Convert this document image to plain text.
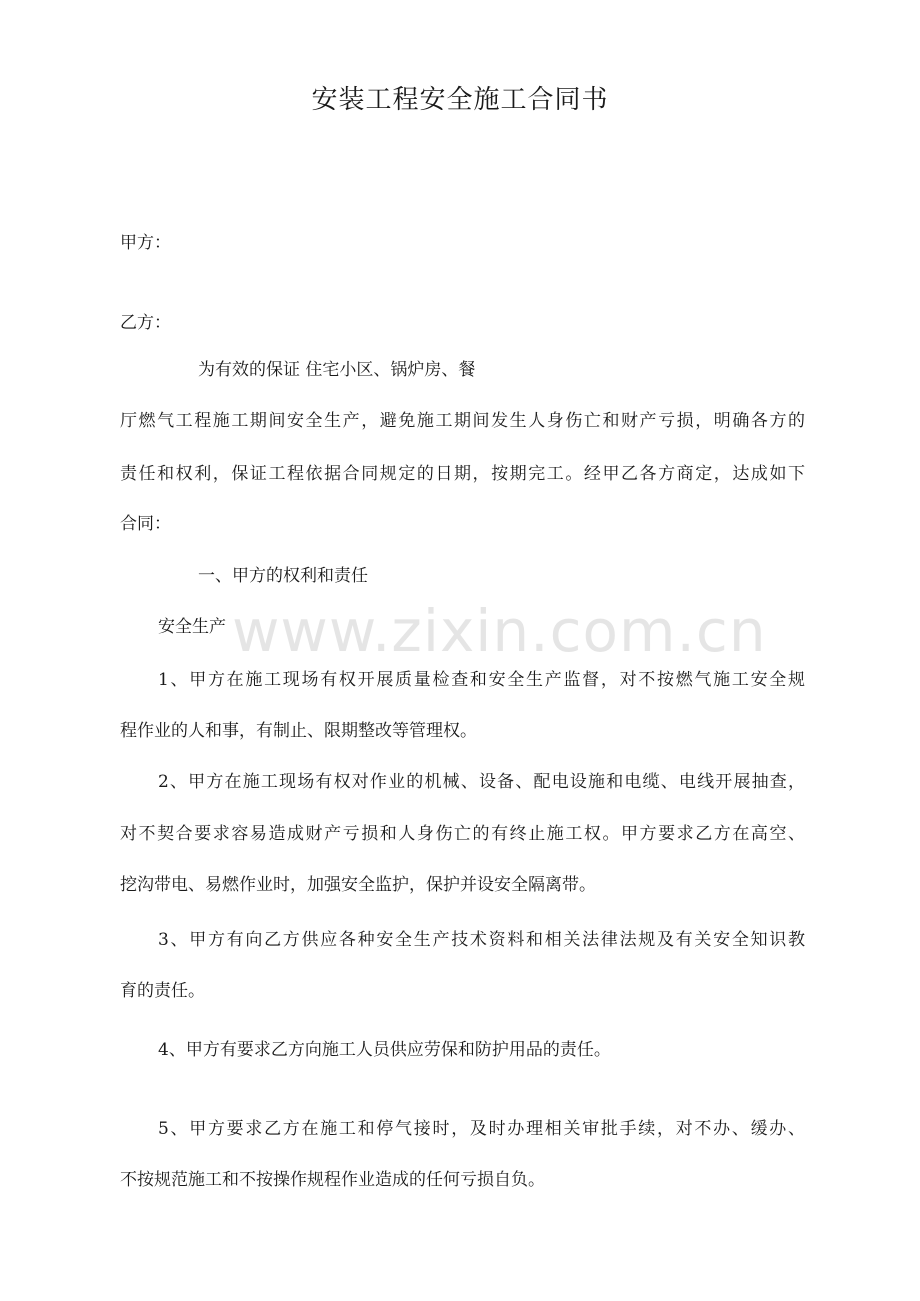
安装工程安全施工合同书
甲方：
乙方：
为有效的保证 住宅小区、锅炉房、餐
厅燃气工程施工期间安全生产，避免施工期间发生人身伤亡和财产亏损，明确各方的
责任和权利，保证工程依据合同规定的日期，按期完工。经甲乙各方商定，达成如下
合同：
一、甲方的权利和责任
安全生产 www.zixin.com.cn
1、甲方在施工现场有权开展质量检查和安全生产监督，对不按燃气施工安全规
程作业的人和事，有制止、限期整改等管理权。
2、甲方在施工现场有权对作业的机械、设备、配电设施和电缆、电线开展抽查，
对不契合要求容易造成财产亏损和人身伤亡的有终止施工权。甲方要求乙方在高空、
挖沟带电、易燃作业时，加强安全监护，保护并设安全隔离带。
3、甲方有向乙方供应各种安全生产技术资料和相关法律法规及有关安全知识教
育的责任。
4、甲方有要求乙方向施工人员供应劳保和防护用品的责任。
5、甲方要求乙方在施工和停气接时，及时办理相关审批手续，对不办、缓办、
不按规范施工和不按操作规程作业造成的任何亏损自负。
